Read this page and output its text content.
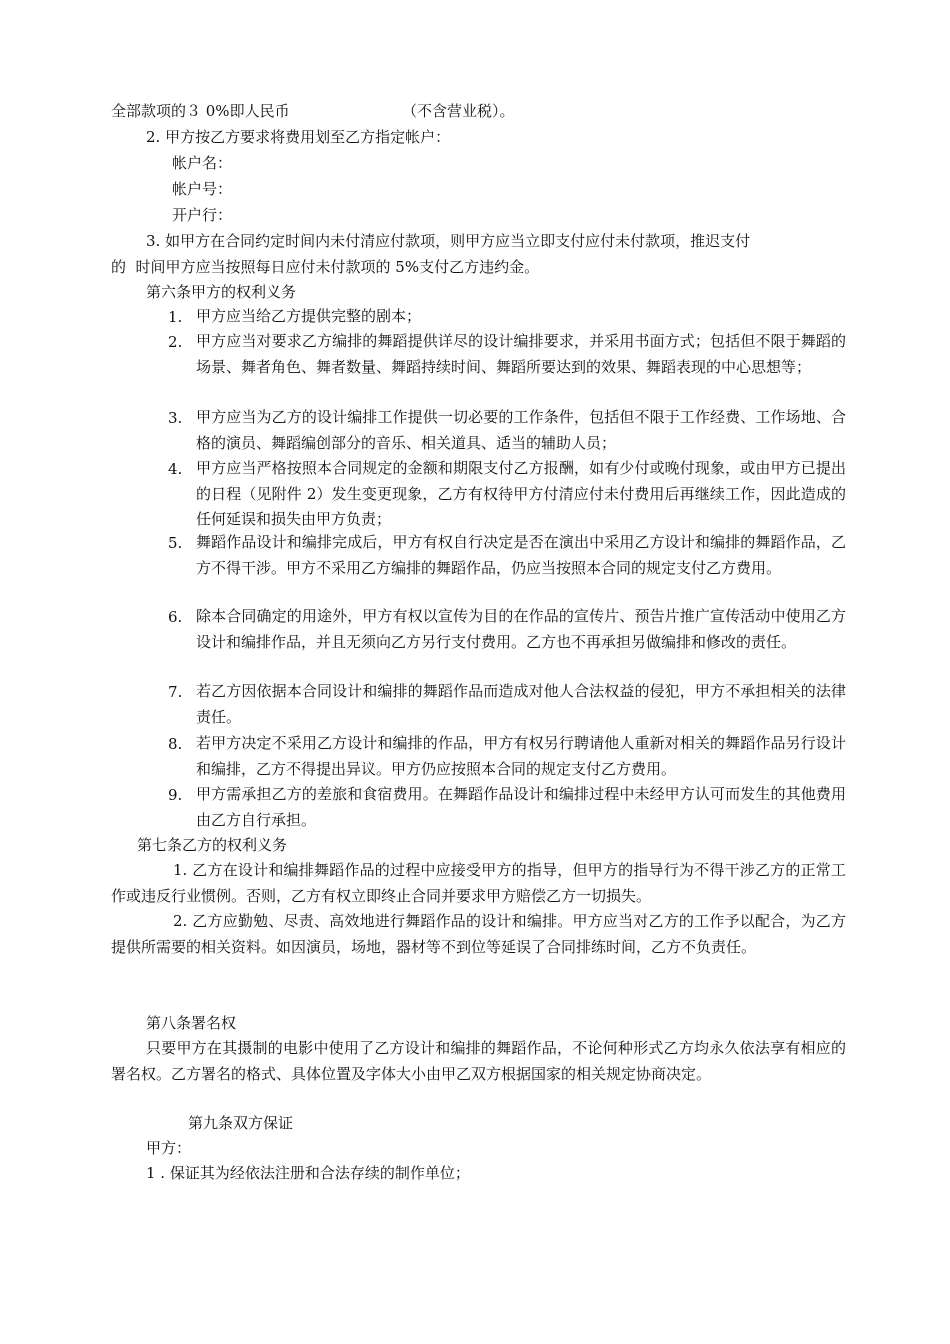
全部款项的３ 0%即人民币	（不含营业税）。
2. 甲方按乙方要求将费用划至乙方指定帐户：
帐户名：
帐户号：
开户行：
3. 如甲方在合同约定时间内未付清应付款项，则甲方应当立即支付应付未付款项，推迟支付
的  时间甲方应当按照每日应付未付款项的 5%支付乙方违约金。
第六条甲方的权利义务
1. 甲方应当给乙方提供完整的剧本；
2. 甲方应当对要求乙方编排的舞蹈提供详尽的设计编排要求，并采用书面方式；包括但不限于舞蹈的场景、舞者角色、舞者数量、舞蹈持续时间、舞蹈所要达到的效果、舞蹈表现的中心思想等；
3. 甲方应当为乙方的设计编排工作提供一切必要的工作条件，包括但不限于工作经费、工作场地、合格的演员、舞蹈编创部分的音乐、相关道具、适当的辅助人员；
4. 甲方应当严格按照本合同规定的金额和期限支付乙方报酬，如有少付或晚付现象，或由甲方已提出的日程（见附件 2）发生变更现象，乙方有权待甲方付清应付未付费用后再继续工作，因此造成的任何延误和损失由甲方负责；
5. 舞蹈作品设计和编排完成后，甲方有权自行决定是否在演出中采用乙方设计和编排的舞蹈作品，乙方不得干涉。甲方不采用乙方编排的舞蹈作品，仍应当按照本合同的规定支付乙方费用。
6. 除本合同确定的用途外，甲方有权以宣传为目的在作品的宣传片、预告片推广宣传活动中使用乙方设计和编排作品，并且无须向乙方另行支付费用。乙方也不再承担另做编排和修改的责任。
7. 若乙方因依据本合同设计和编排的舞蹈作品而造成对他人合法权益的侵犯，甲方不承担相关的法律责任。
8. 若甲方决定不采用乙方设计和编排的作品，甲方有权另行聘请他人重新对相关的舞蹈作品另行设计和编排，乙方不得提出异议。甲方仍应按照本合同的规定支付乙方费用。
9. 甲方需承担乙方的差旅和食宿费用。在舞蹈作品设计和编排过程中未经甲方认可而发生的其他费用由乙方自行承担。
第七条乙方的权利义务
1. 乙方在设计和编排舞蹈作品的过程中应接受甲方的指导，但甲方的指导行为不得干涉乙方的正常工作或违反行业惯例。否则，乙方有权立即终止合同并要求甲方赔偿乙方一切损失。
2. 乙方应勤勉、尽责、高效地进行舞蹈作品的设计和编排。甲方应当对乙方的工作予以配合，为乙方提供所需要的相关资料。如因演员，场地，器材等不到位等延误了合同排练时间，乙方不负责任。
第八条署名权
只要甲方在其摄制的电影中使用了乙方设计和编排的舞蹈作品，不论何种形式乙方均永久依法享有相应的署名权。乙方署名的格式、具体位置及字体大小由甲乙双方根据国家的相关规定协商决定。
第九条双方保证
甲方：
1 . 保证其为经依法注册和合法存续的制作单位；
